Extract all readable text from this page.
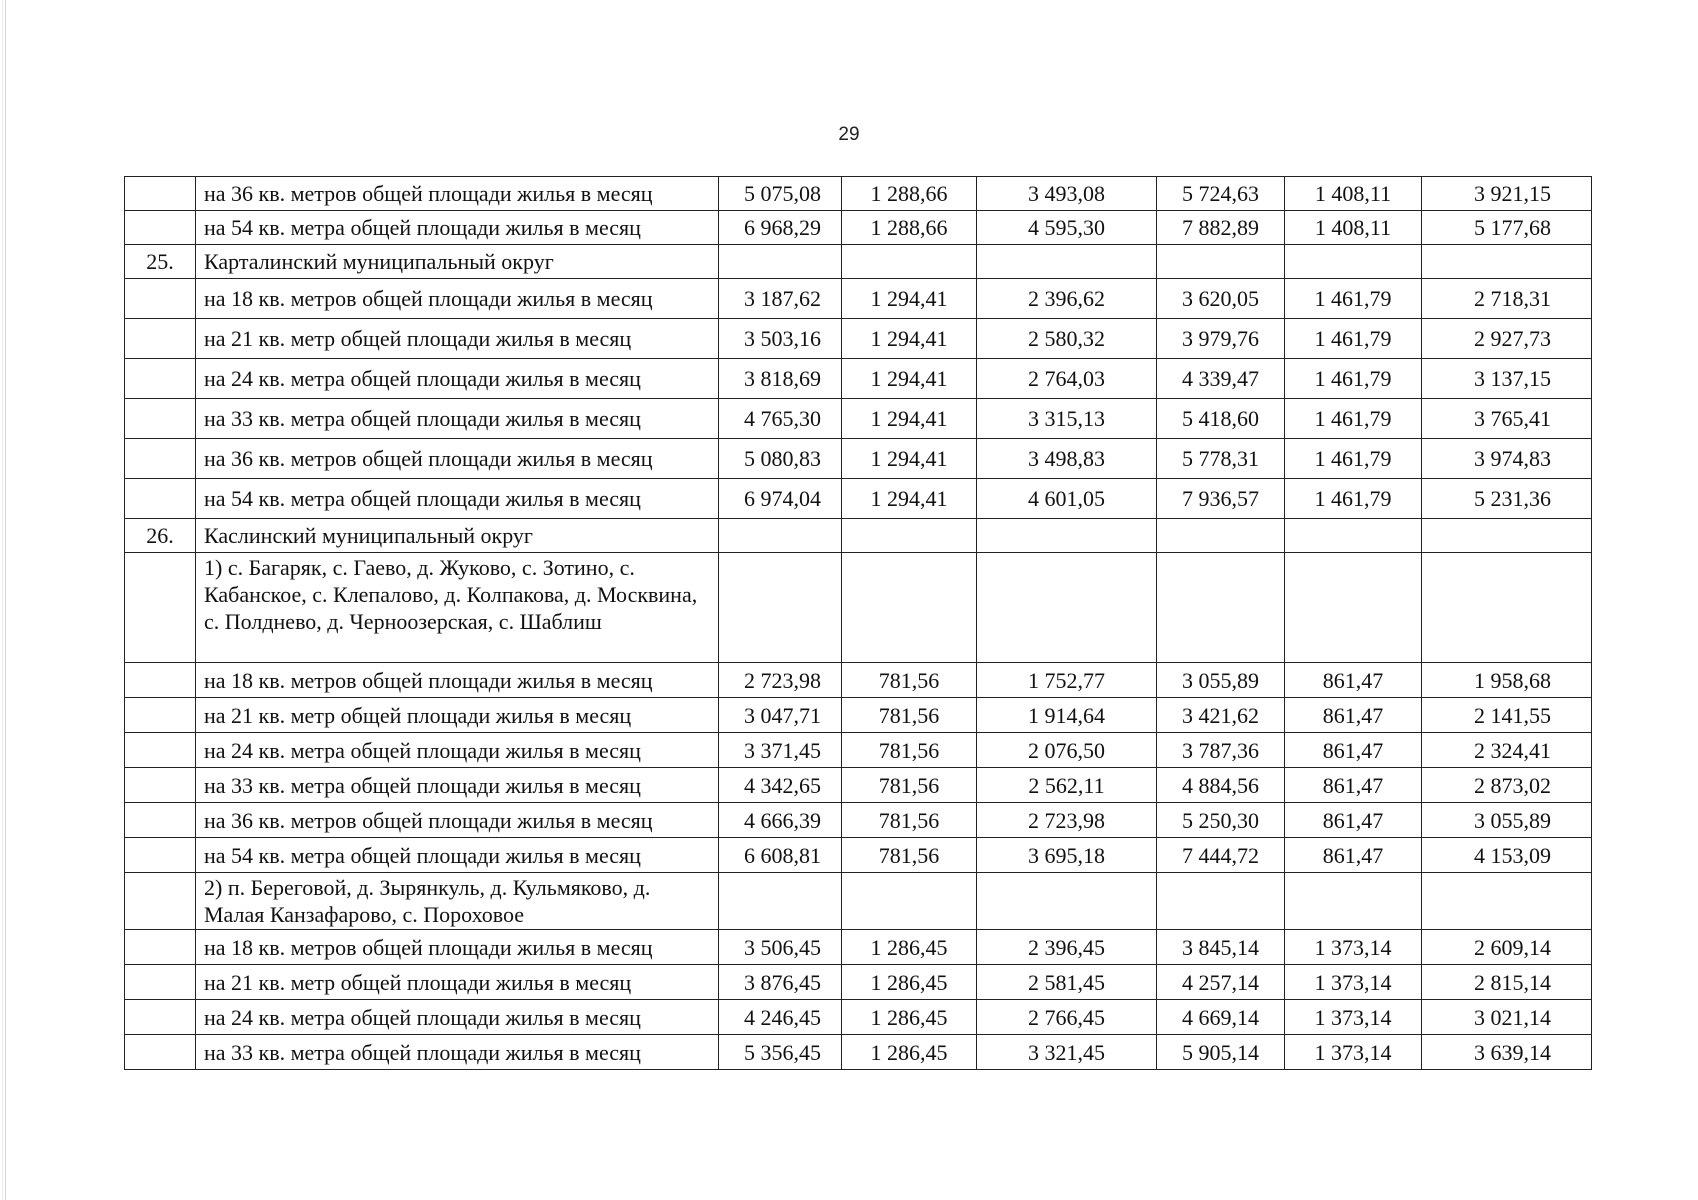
29
	на 36 кв. метров общей площади жилья в месяц	5 075,08	1 288,66	3 493,08	5 724,63	1 408,11	3 921,15
	на 54 кв. метра общей площади жилья в месяц	6 968,29	1 288,66	4 595,30	7 882,89	1 408,11	5 177,68
25.	Карталинский муниципальный округ						
	на 18 кв. метров общей площади жилья в месяц	3 187,62	1 294,41	2 396,62	3 620,05	1 461,79	2 718,31
	на 21 кв. метр общей площади жилья в месяц	3 503,16	1 294,41	2 580,32	3 979,76	1 461,79	2 927,73
	на 24 кв. метра общей площади жилья в месяц	3 818,69	1 294,41	2 764,03	4 339,47	1 461,79	3 137,15
	на 33 кв. метра общей площади жилья в месяц	4 765,30	1 294,41	3 315,13	5 418,60	1 461,79	3 765,41
	на 36 кв. метров общей площади жилья в месяц	5 080,83	1 294,41	3 498,83	5 778,31	1 461,79	3 974,83
	на 54 кв. метра общей площади жилья в месяц	6 974,04	1 294,41	4 601,05	7 936,57	1 461,79	5 231,36
26.	Каслинский муниципальный округ						
	1) с. Багаряк, с. Гаево, д. Жуково, с. Зотино, с. Кабанское, с. Клепалово, д. Колпакова, д. Москвина, с. Полднево, д. Черноозерская, с. Шаблиш						
	на 18 кв. метров общей площади жилья в месяц	2 723,98	781,56	1 752,77	3 055,89	861,47	1 958,68
	на 21 кв. метр общей площади жилья в месяц	3 047,71	781,56	1 914,64	3 421,62	861,47	2 141,55
	на 24 кв. метра общей площади жилья в месяц	3 371,45	781,56	2 076,50	3 787,36	861,47	2 324,41
	на 33 кв. метра общей площади жилья в месяц	4 342,65	781,56	2 562,11	4 884,56	861,47	2 873,02
	на 36 кв. метров общей площади жилья в месяц	4 666,39	781,56	2 723,98	5 250,30	861,47	3 055,89
	на 54 кв. метра общей площади жилья в месяц	6 608,81	781,56	3 695,18	7 444,72	861,47	4 153,09
	2) п. Береговой, д. Зырянкуль, д. Кульмяково, д. Малая Канзафарово, с. Пороховое						
	на 18 кв. метров общей площади жилья в месяц	3 506,45	1 286,45	2 396,45	3 845,14	1 373,14	2 609,14
	на 21 кв. метр общей площади жилья в месяц	3 876,45	1 286,45	2 581,45	4 257,14	1 373,14	2 815,14
	на 24 кв. метра общей площади жилья в месяц	4 246,45	1 286,45	2 766,45	4 669,14	1 373,14	3 021,14
	на 33 кв. метра общей площади жилья в месяц	5 356,45	1 286,45	3 321,45	5 905,14	1 373,14	3 639,14
